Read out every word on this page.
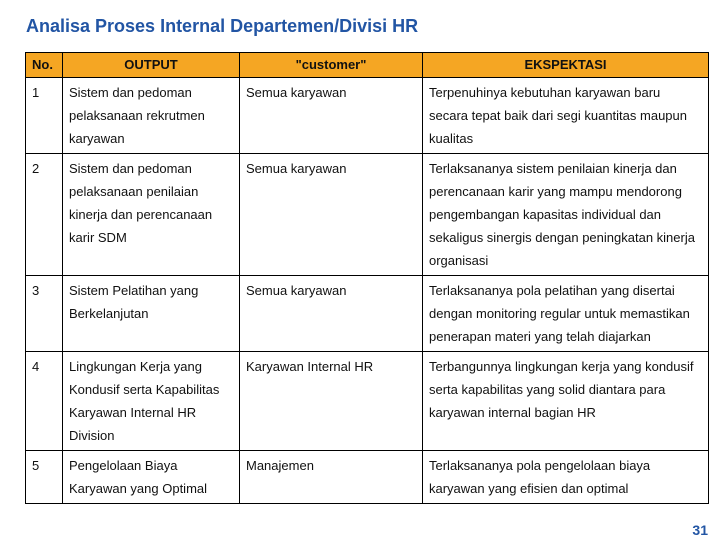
Analisa Proses Internal Departemen/Divisi HR
No.	OUTPUT	"customer"	EKSPEKTASI
1	Sistem dan pedoman pelaksanaan rekrutmen karyawan	Semua karyawan	Terpenuhinya kebutuhan karyawan baru secara tepat baik dari segi kuantitas maupun kualitas
2	Sistem dan pedoman pelaksanaan penilaian kinerja dan perencanaan karir SDM	Semua karyawan	Terlaksananya sistem penilaian kinerja dan perencanaan karir yang mampu mendorong pengembangan kapasitas individual dan sekaligus sinergis dengan peningkatan kinerja organisasi
3	Sistem Pelatihan yang Berkelanjutan	Semua karyawan	Terlaksananya pola pelatihan yang disertai dengan monitoring regular untuk memastikan penerapan materi yang telah diajarkan
4	Lingkungan Kerja yang Kondusif serta Kapabilitas Karyawan Internal HR Division	Karyawan Internal HR	Terbangunnya lingkungan kerja yang kondusif serta kapabilitas yang solid diantara para karyawan internal bagian HR
5	Pengelolaan Biaya Karyawan yang Optimal	Manajemen	Terlaksananya pola pengelolaan biaya karyawan yang efisien dan optimal
31
